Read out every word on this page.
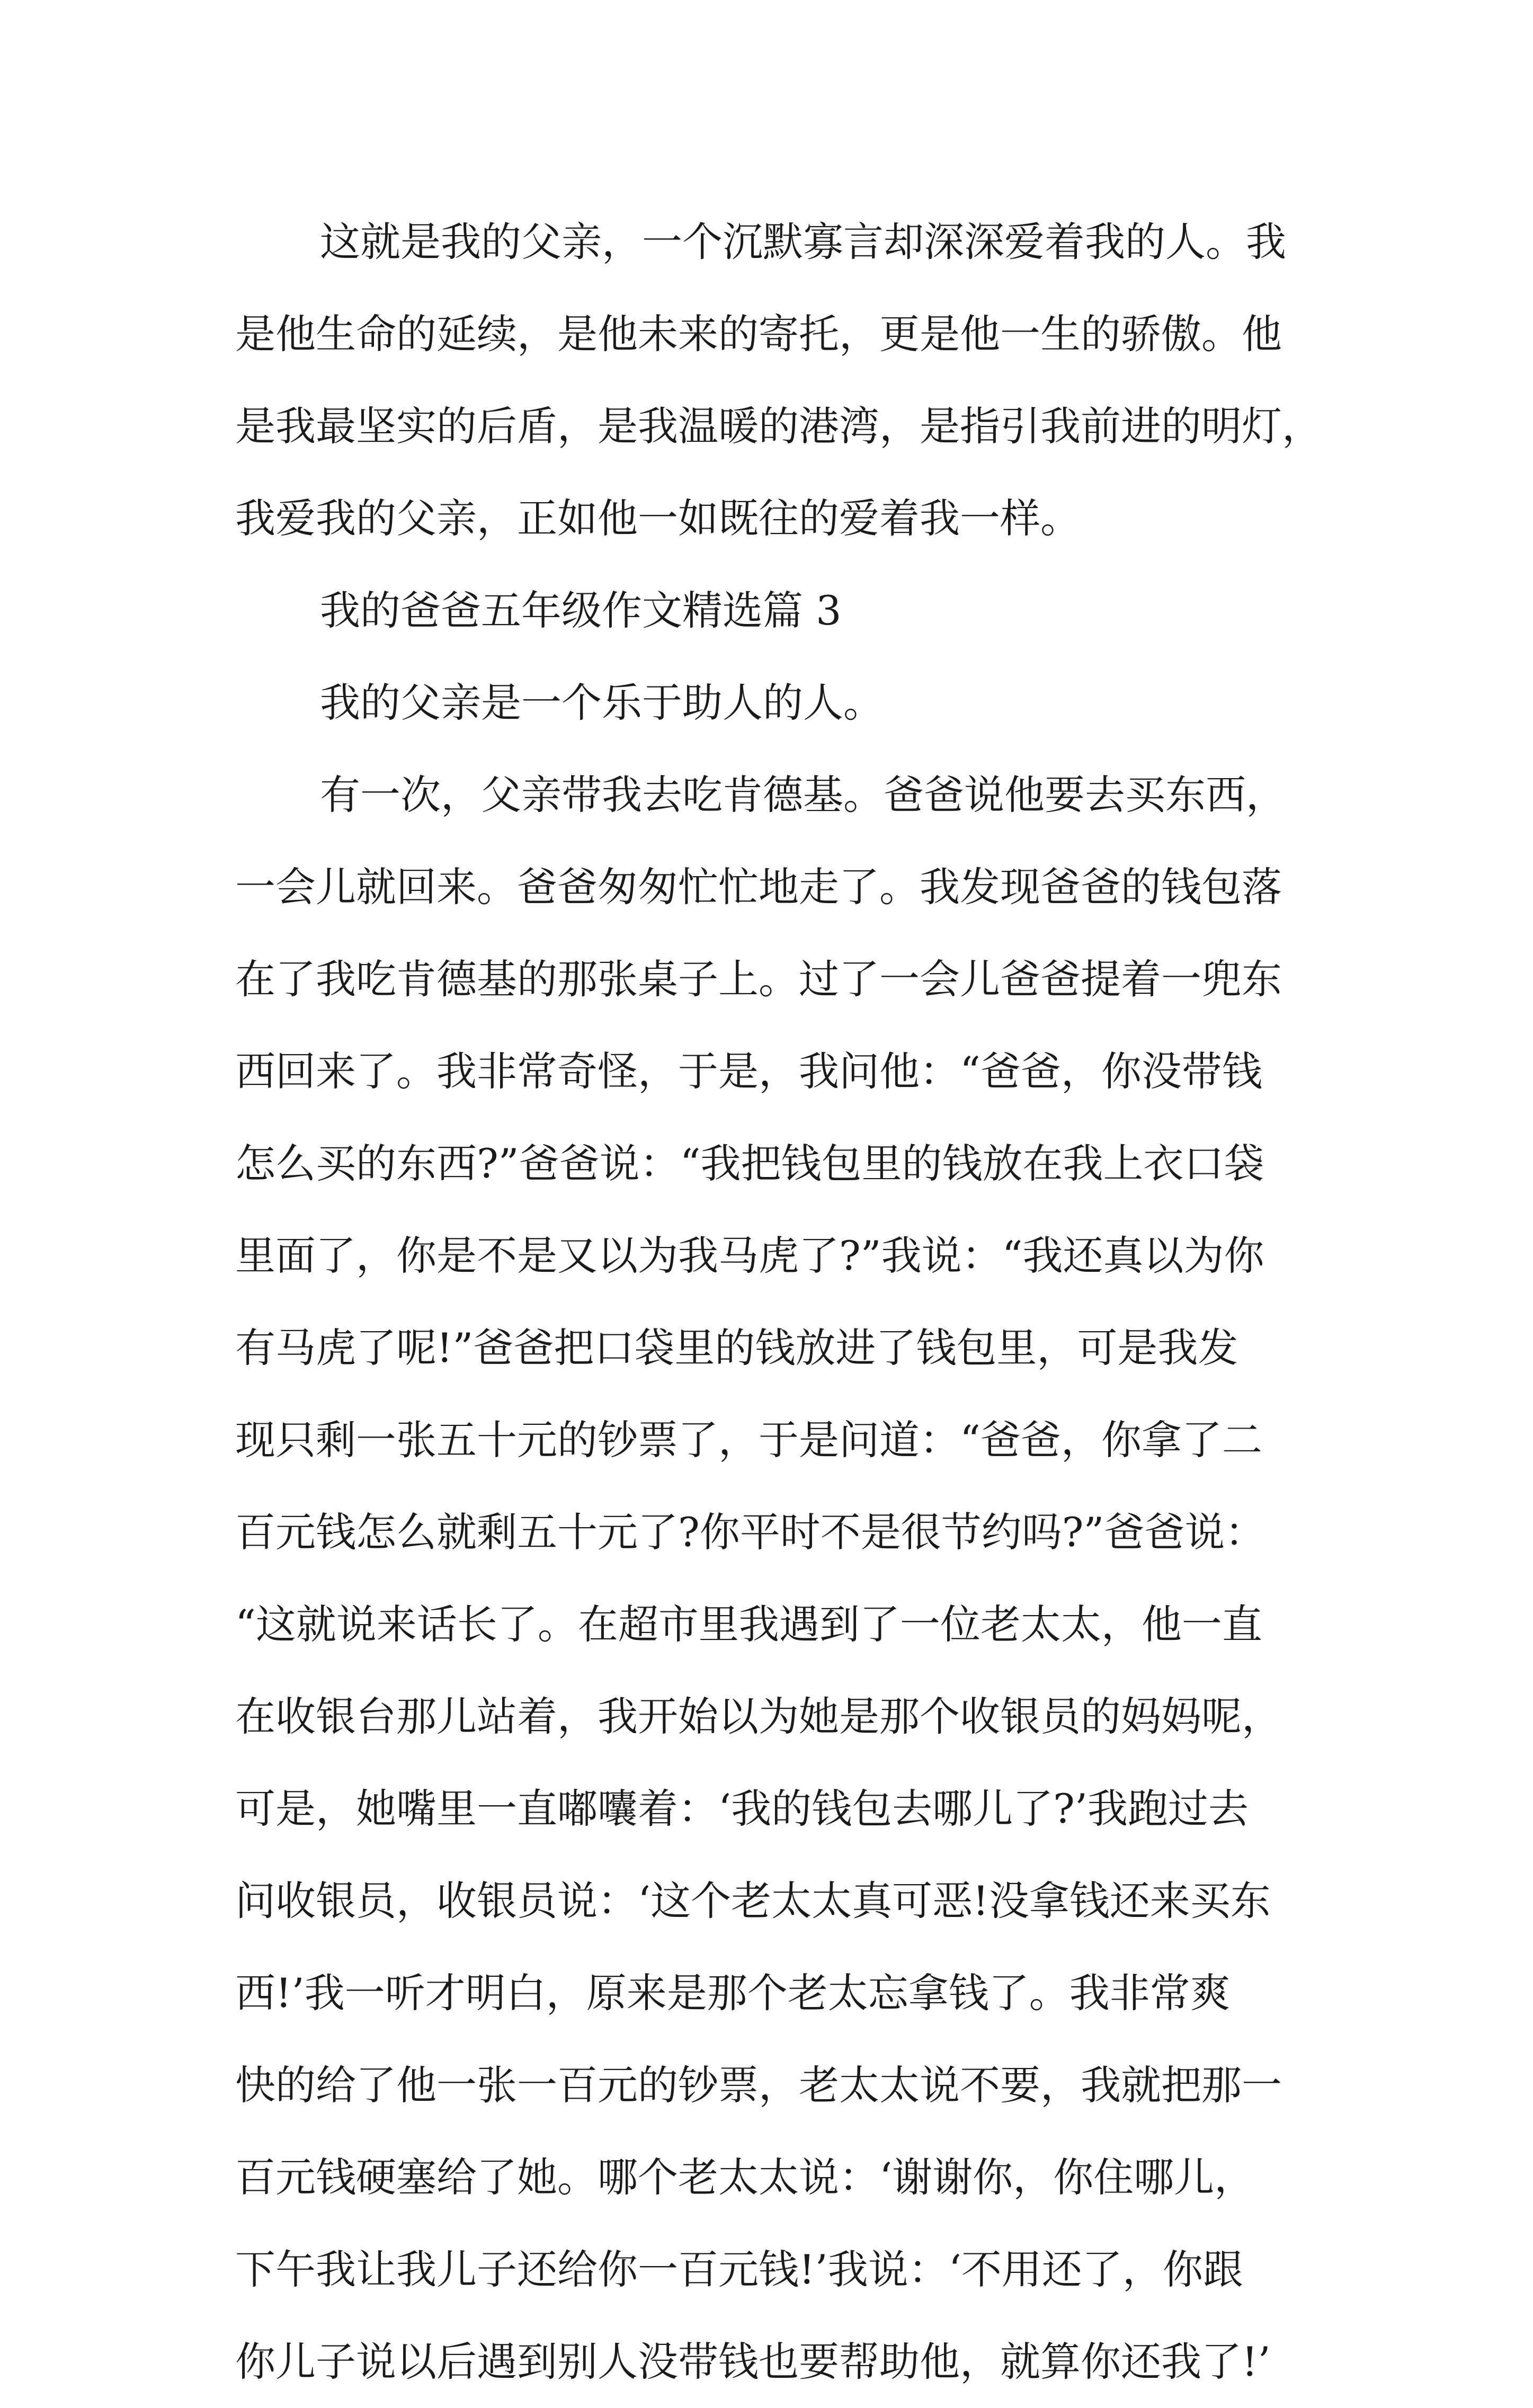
这就是我的父亲，一个沉默寡言却深深爱着我的人。我
是他生命的延续，是他未来的寄托，更是他一生的骄傲。他
是我最坚实的后盾，是我温暖的港湾，是指引我前进的明灯，
我爱我的父亲，正如他一如既往的爱着我一样。
我的爸爸五年级作文精选篇 3
我的父亲是一个乐于助人的人。
有一次，父亲带我去吃肯德基。爸爸说他要去买东西，
一会儿就回来。爸爸匆匆忙忙地走了。我发现爸爸的钱包落
在了我吃肯德基的那张桌子上。过了一会儿爸爸提着一兜东
西回来了。我非常奇怪，于是，我问他：“爸爸，你没带钱
怎么买的东西?”爸爸说：“我把钱包里的钱放在我上衣口袋
里面了，你是不是又以为我马虎了?”我说：“我还真以为你
有马虎了呢!”爸爸把口袋里的钱放进了钱包里，可是我发
现只剩一张五十元的钞票了，于是问道：“爸爸，你拿了二
百元钱怎么就剩五十元了?你平时不是很节约吗?”爸爸说：
“这就说来话长了。在超市里我遇到了一位老太太，他一直
在收银台那儿站着，我开始以为她是那个收银员的妈妈呢，
可是，她嘴里一直嘟囔着：‘我的钱包去哪儿了?’我跑过去
问收银员，收银员说：‘这个老太太真可恶!没拿钱还来买东
西!’我一听才明白，原来是那个老太忘拿钱了。我非常爽
快的给了他一张一百元的钞票，老太太说不要，我就把那一
百元钱硬塞给了她。哪个老太太说：‘谢谢你，你住哪儿，
下午我让我儿子还给你一百元钱!’我说：‘不用还了，你跟
你儿子说以后遇到别人没带钱也要帮助他，就算你还我了!’
